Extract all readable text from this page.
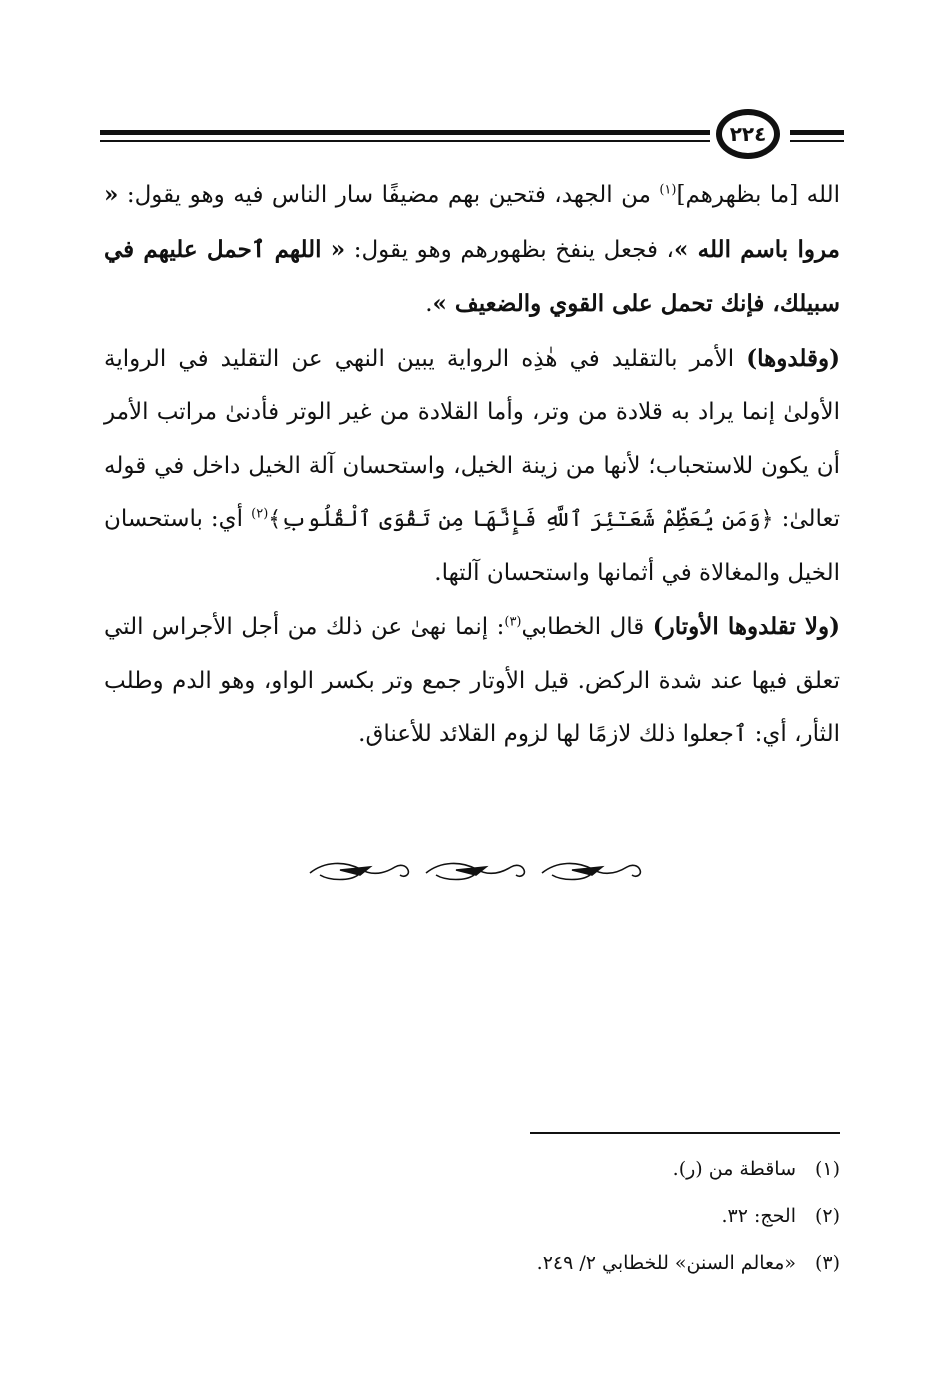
٢٢٤

الله [ما بظهرهم]$^{(١)}$ من الجهد، فتحين بهم مضيفًا سار الناس فيه وهو يقول: « مروا باسم الله »، فجعل ينفخ بظهورهم وهو يقول: « اللهم ٱحمل عليهم في سبيلك، فإنك تحمل على القوي والضعيف ».

(وقلدوها) الأمر بالتقليد في هٰذِه الرواية يبين النهي عن التقليد في الرواية الأولىٰ إنما يراد به قلادة من وتر، وأما القلادة من غير الوتر فأدنىٰ مراتب الأمر أن يكون للاستحباب؛ لأنها من زينة الخيل، واستحسان آلة الخيل داخل في قوله تعالىٰ: ﴿وَمَن يُعَظِّمْ شَعَـٰٓئِرَ ٱللَّهِ فَإِنَّهَا مِن تَقْوَى ٱلْقُلُوبِ﴾$^{(٢)}$ أي: باستحسان الخيل والمغالاة في أثمانها واستحسان آلتها.

(ولا تقلدوها الأوتار) قال الخطابي$^{(٣)}$: إنما نهىٰ عن ذلك من أجل الأجراس التي تعلق فيها عند شدة الركض. قيل الأوتار جمع وتر بكسر الواو، وهو الدم وطلب الثأر، أي: ٱجعلوا ذلك لازمًا لها لزوم القلائد للأعناق.

(١)ساقطة من (ر).
(٢)الحج: ٣٢.
(٣)«معالم السنن» للخطابي ٢/ ٢٤٩.
